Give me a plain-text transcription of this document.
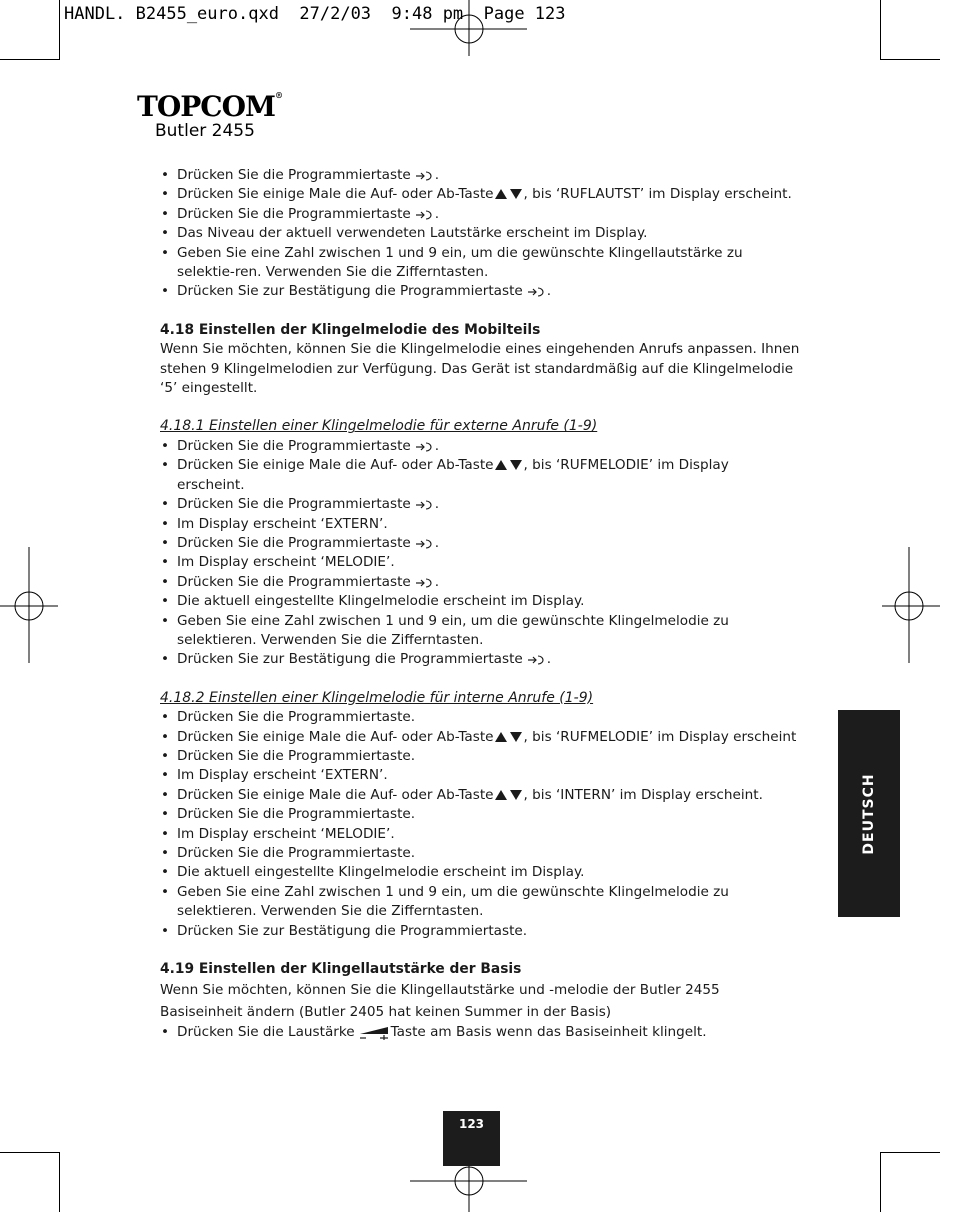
HANDL. B2455_euro.qxd  27/2/03  9:48 pm  Page 123
TOPCOM®
Butler 2455
• Drücken Sie die Programmiertaste .
• Drücken Sie einige Male die Auf- oder Ab-Taste , bis ‘RUFLAUTST’ im Display erscheint.
• Drücken Sie die Programmiertaste .
• Das Niveau der aktuell verwendeten Lautstärke erscheint im Display.
• Geben Sie eine Zahl zwischen 1 und 9 ein, um die gewünschte Klingellautstärke zu selektie-ren. Verwenden Sie die Zifferntasten.
• Drücken Sie zur Bestätigung die Programmiertaste .
4.18 Einstellen der Klingelmelodie des Mobilteils

Wenn Sie möchten, können Sie die Klingelmelodie eines eingehenden Anrufs anpassen. Ihnen stehen 9 Klingelmelodien zur Verfügung. Das Gerät ist standardmäßig auf die Klingelmelodie ‘5’ eingestellt.

4.18.1 Einstellen einer Klingelmelodie für externe Anrufe (1-9)
• Drücken Sie die Programmiertaste .
• Drücken Sie einige Male die Auf- oder Ab-Taste , bis ‘RUFMELODIE’ im Display erscheint.
• Drücken Sie die Programmiertaste .
• Im Display erscheint ‘EXTERN’.
• Drücken Sie die Programmiertaste .
• Im Display erscheint ‘MELODIE’.
• Drücken Sie die Programmiertaste .
• Die aktuell eingestellte Klingelmelodie erscheint im Display.
• Geben Sie eine Zahl zwischen 1 und 9 ein, um die gewünschte Klingelmelodie zu selektieren. Verwenden Sie die Zifferntasten.
• Drücken Sie zur Bestätigung die Programmiertaste .
4.18.2 Einstellen einer Klingelmelodie für interne Anrufe (1-9)
• Drücken Sie die Programmiertaste.
• Drücken Sie einige Male die Auf- oder Ab-Taste , bis ‘RUFMELODIE’ im Display erscheint
• Drücken Sie die Programmiertaste.
• Im Display erscheint ‘EXTERN’.
• Drücken Sie einige Male die Auf- oder Ab-Taste , bis ‘INTERN’ im Display erscheint.
• Drücken Sie die Programmiertaste.
• Im Display erscheint ‘MELODIE’.
• Drücken Sie die Programmiertaste.
• Die aktuell eingestellte Klingelmelodie erscheint im Display.
• Geben Sie eine Zahl zwischen 1 und 9 ein, um die gewünschte Klingelmelodie zu selektieren. Verwenden Sie die Zifferntasten.
• Drücken Sie zur Bestätigung die Programmiertaste.
4.19 Einstellen der Klingellautstärke der Basis

Wenn Sie möchten, können Sie die Klingellautstärke und -melodie der Butler 2455 Basiseinheit ändern (Butler 2405 hat keinen Summer in der Basis)

• Drücken Sie die Laustärke	Taste am Basis wenn das Basiseinheit klingelt.
DEUTSCH
123
